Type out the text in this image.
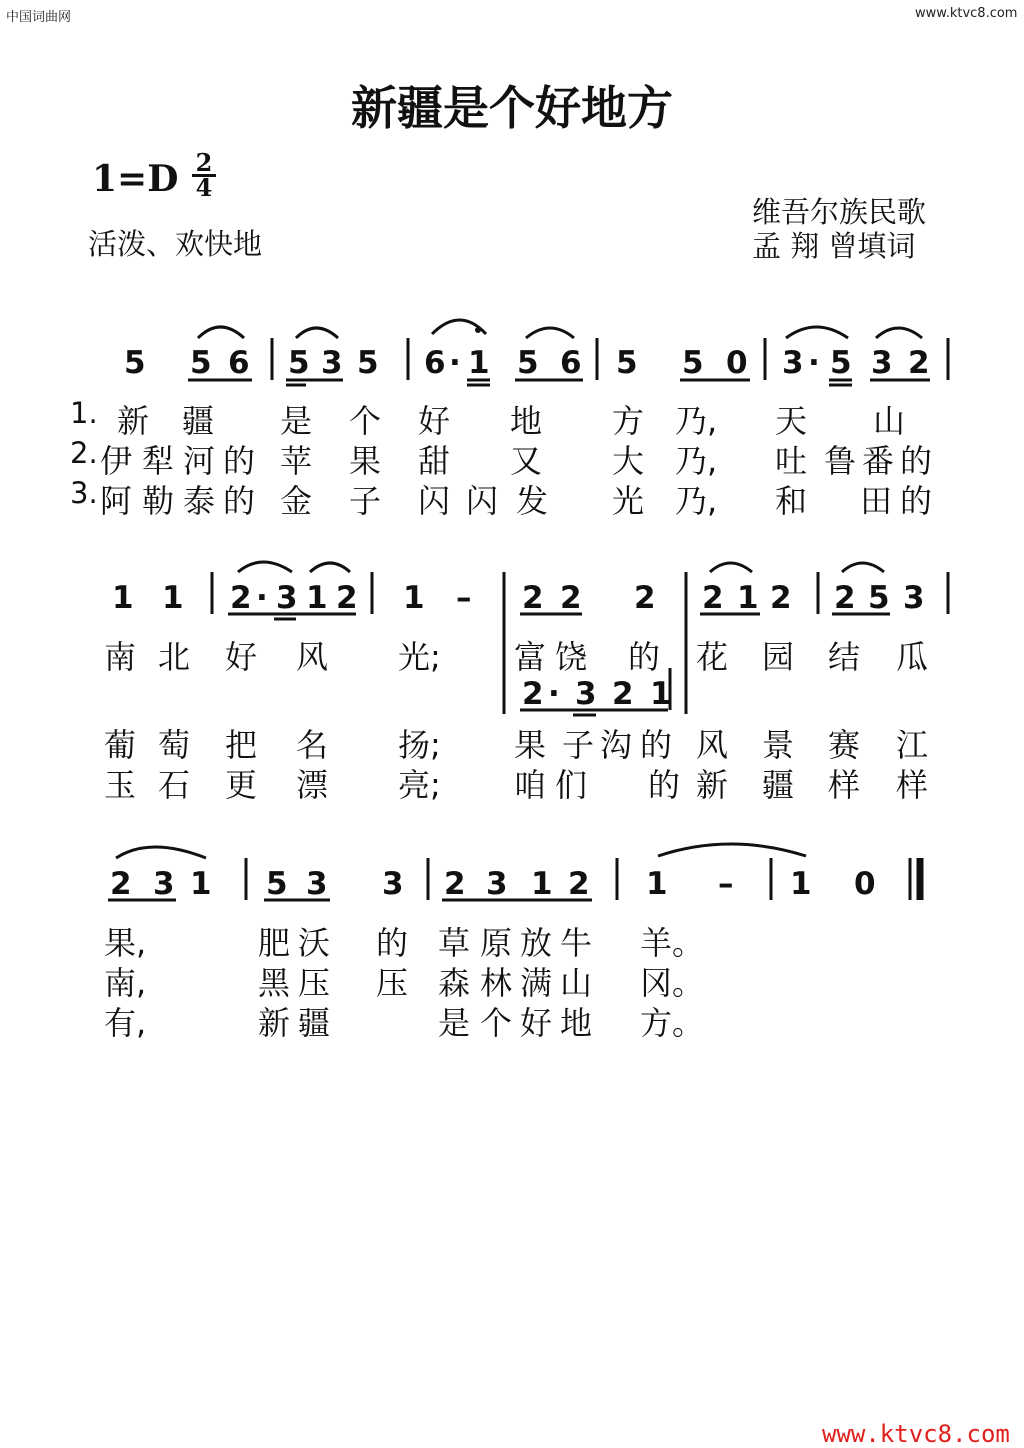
中国词曲网	www.ktvc8.com
www.ktvc8.com
新疆是个好地方
1=D 2
4
活泼、欢快地
维吾尔族民歌
孟 翔 曾填词
5 5 6 5 3 5 6 · 1 5 6 5 5 0 3 · 5 3 2
1.
2.
3.
新 疆 是 个 好 地 方 乃, 天 山
伊 犁 河 的 苹 果 甜 又 大 乃, 吐 鲁 番 的
阿 勒 泰 的 金 子 闪 闪 发 光 乃, 和 田 的
1 1 2 · 3 1 2 1 – 2 2 2 2 1 2 2 5 3
2 · 3 2 1
南 北 好 风 光; 富 饶 的 花 园 结 瓜
葡 萄 把 名 扬; 果 子 沟 的 风 景 赛 江
玉 石 更 漂 亮; 咱 们 的 新 疆 样 样
2 3 1 5 3 3 2 3 1 2 1 – 1 0
果,	肥 沃 的 草 原 放 牛 羊。
南,	黑 压 压 森 林 满 山 冈。
有,	新 疆	是 个 好 地 方。
